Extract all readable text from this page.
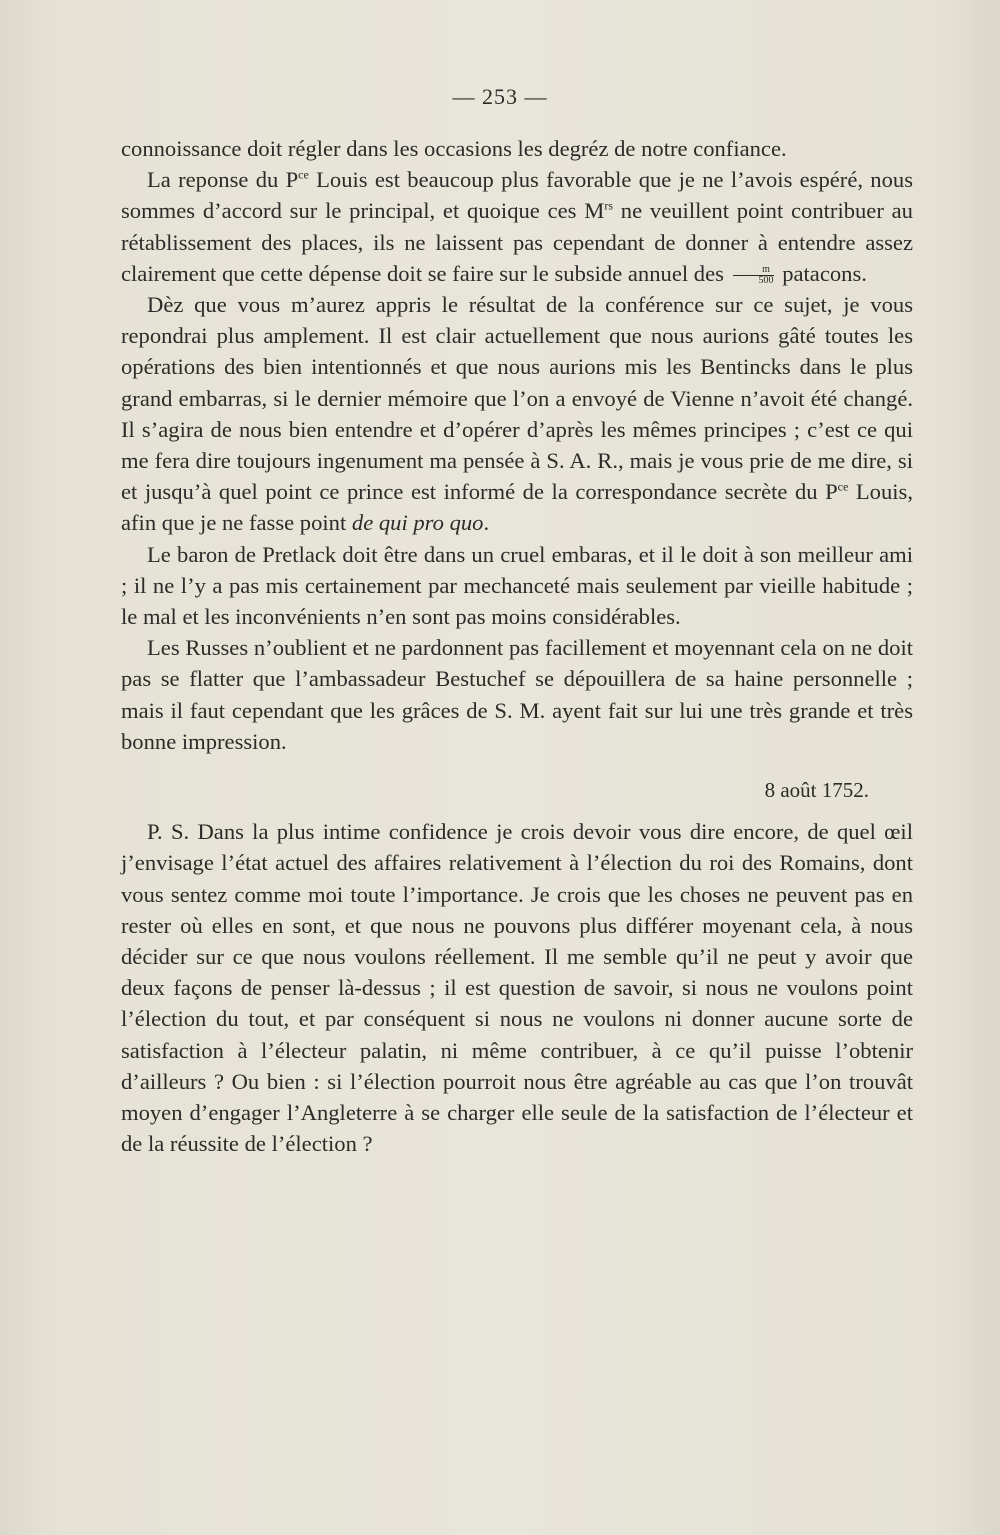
— 253 —

connoissance doit régler dans les occasions les degréz de notre confiance.

La reponse du $P^{ce}$ Louis est beaucoup plus favorable que je ne l’avois espéré, nous sommes d’accord sur le principal, et quoique ces $M^{rs}$ ne veuillent point contribuer au rétablissement des places, ils ne laissent pas cependant de donner à entendre assez clairement que cette dépense doit se faire sur le subside annuel des $\frac{m}{500}$ patacons.

Dèz que vous m’aurez appris le résultat de la conférence sur ce sujet, je vous repondrai plus amplement. Il est clair actuellement que nous aurions gâté toutes les opérations des bien intentionnés et que nous aurions mis les Bentincks dans le plus grand embarras, si le dernier mémoire que l’on a envoyé de Vienne n’avoit été changé. Il s’agira de nous bien entendre et d’opérer d’après les mêmes principes ; c’est ce qui me fera dire toujours ingenument ma pensée à S. A. R., mais je vous prie de me dire, si et jusqu’à quel point ce prince est informé de la correspondance secrète du $P^{ce}$ Louis, afin que je ne fasse point de qui pro quo.

Le baron de Pretlack doit être dans un cruel embaras, et il le doit à son meilleur ami ; il ne l’y a pas mis certainement par mechanceté mais seulement par vieille habitude ; le mal et les inconvénients n’en sont pas moins considérables.

Les Russes n’oublient et ne pardonnent pas facillement et moyennant cela on ne doit pas se flatter que l’ambassadeur Bestuchef se dépouillera de sa haine personnelle ; mais il faut cependant que les grâces de S. M. ayent fait sur lui une très grande et très bonne impression.

8 août 1752.

P. S. Dans la plus intime confidence je crois devoir vous dire encore, de quel œil j’envisage l’état actuel des affaires relativement à l’élection du roi des Romains, dont vous sentez comme moi toute l’importance. Je crois que les choses ne peuvent pas en rester où elles en sont, et que nous ne pouvons plus différer moyenant cela, à nous décider sur ce que nous voulons réellement. Il me semble qu’il ne peut y avoir que deux façons de penser là-dessus ; il est question de savoir, si nous ne voulons point l’élection du tout, et par conséquent si nous ne voulons ni donner aucune sorte de satisfaction à l’électeur palatin, ni même contribuer, à ce qu’il puisse l’obtenir d’ailleurs ? Ou bien : si l’élection pourroit nous être agréable au cas que l’on trouvât moyen d’engager l’Angleterre à se charger elle seule de la satisfaction de l’électeur et de la réussite de l’élection ?
